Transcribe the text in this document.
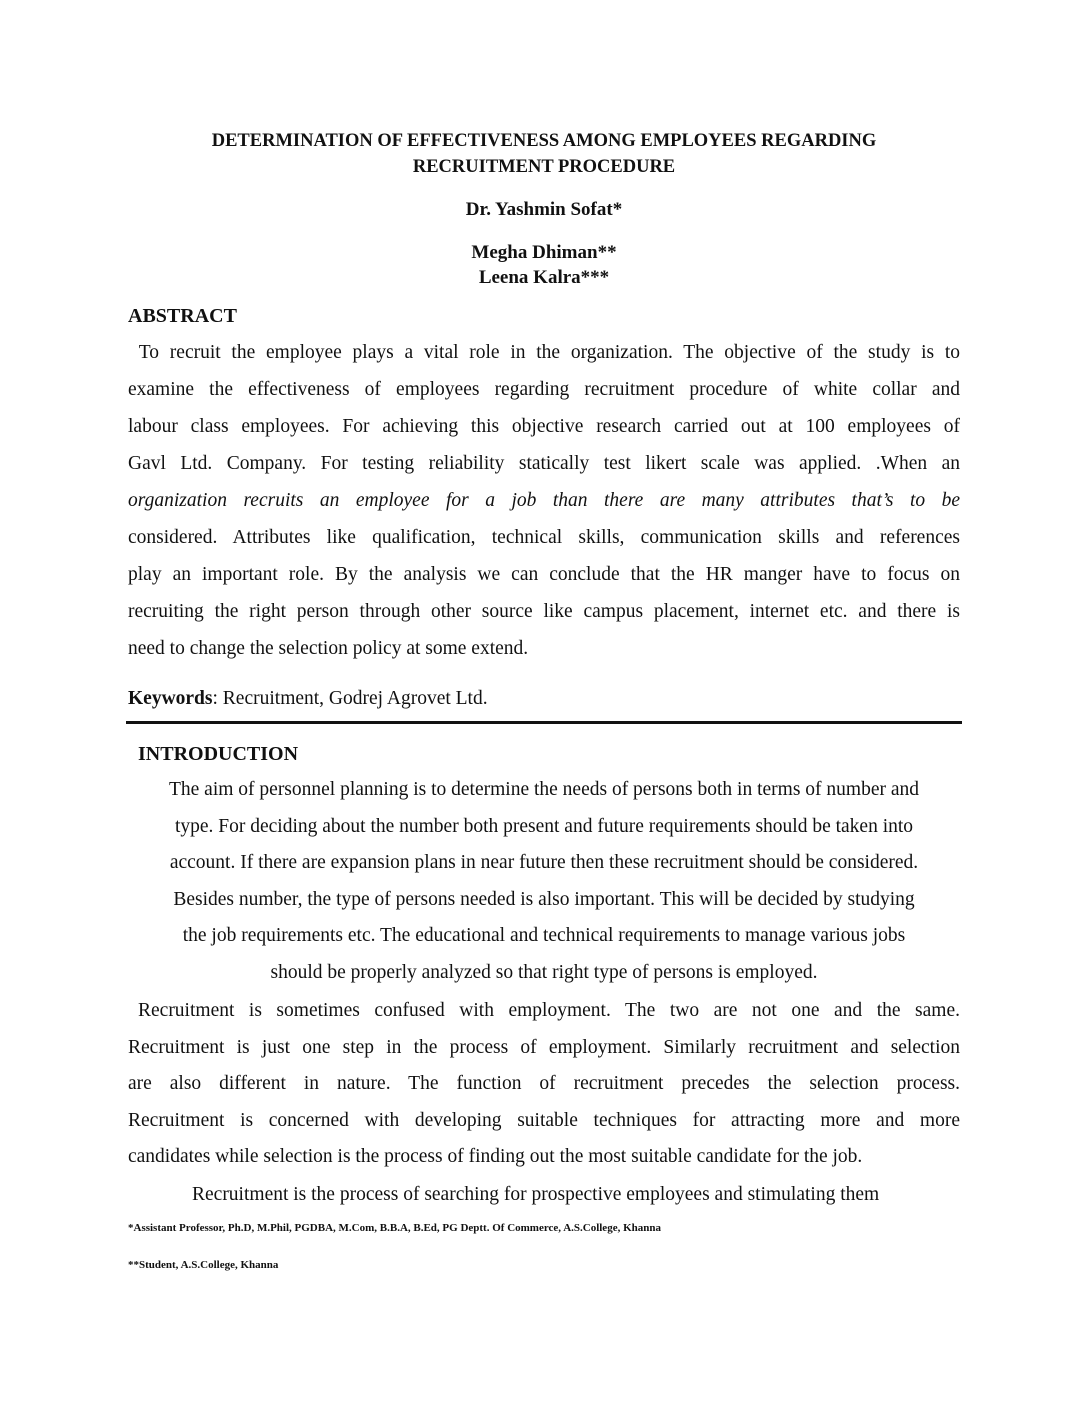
DETERMINATION OF EFFECTIVENESS AMONG EMPLOYEES REGARDING
RECRUITMENT PROCEDURE

Dr. Yashmin Sofat*

Megha Dhiman**

Leena Kalra***

ABSTRACT
To recruit the employee plays a vital role in the organization. The objective of the study is to
examine the effectiveness of employees regarding recruitment procedure of white collar and
labour class employees. For achieving this objective research carried out at 100 employees of
Gavl Ltd. Company. For testing reliability statically test likert scale was applied. .When an
organization recruits an employee for a job than there are many attributes that’s to be
considered. Attributes like qualification, technical skills, communication skills and references
play an important role. By the analysis we can conclude that the HR manger have to focus on
recruiting the right person through other source like campus placement, internet etc. and there is
need to change the selection policy at some extend.

Keywords: Recruitment, Godrej Agrovet Ltd.

INTRODUCTION
The aim of personnel planning is to determine the needs of persons both in terms of number and
type. For deciding about the number both present and future requirements should be taken into
account. If there are expansion plans in near future then these recruitment should be considered.
Besides number, the type of persons needed is also important. This will be decided by studying
the job requirements etc. The educational and technical requirements to manage various jobs
should be properly analyzed so that right type of persons is employed.
Recruitment is sometimes confused with employment. The two are not one and the same.
Recruitment is just one step in the process of employment. Similarly recruitment and selection
are also different in nature. The function of recruitment precedes the selection process.
Recruitment is concerned with developing suitable techniques for attracting more and more
candidates while selection is the process of finding out the most suitable candidate for the job.

Recruitment is the process of searching for prospective employees and stimulating them

*Assistant Professor, Ph.D, M.Phil, PGDBA, M.Com, B.B.A, B.Ed, PG Deptt. Of Commerce, A.S.College, Khanna

**Student, A.S.College, Khanna
